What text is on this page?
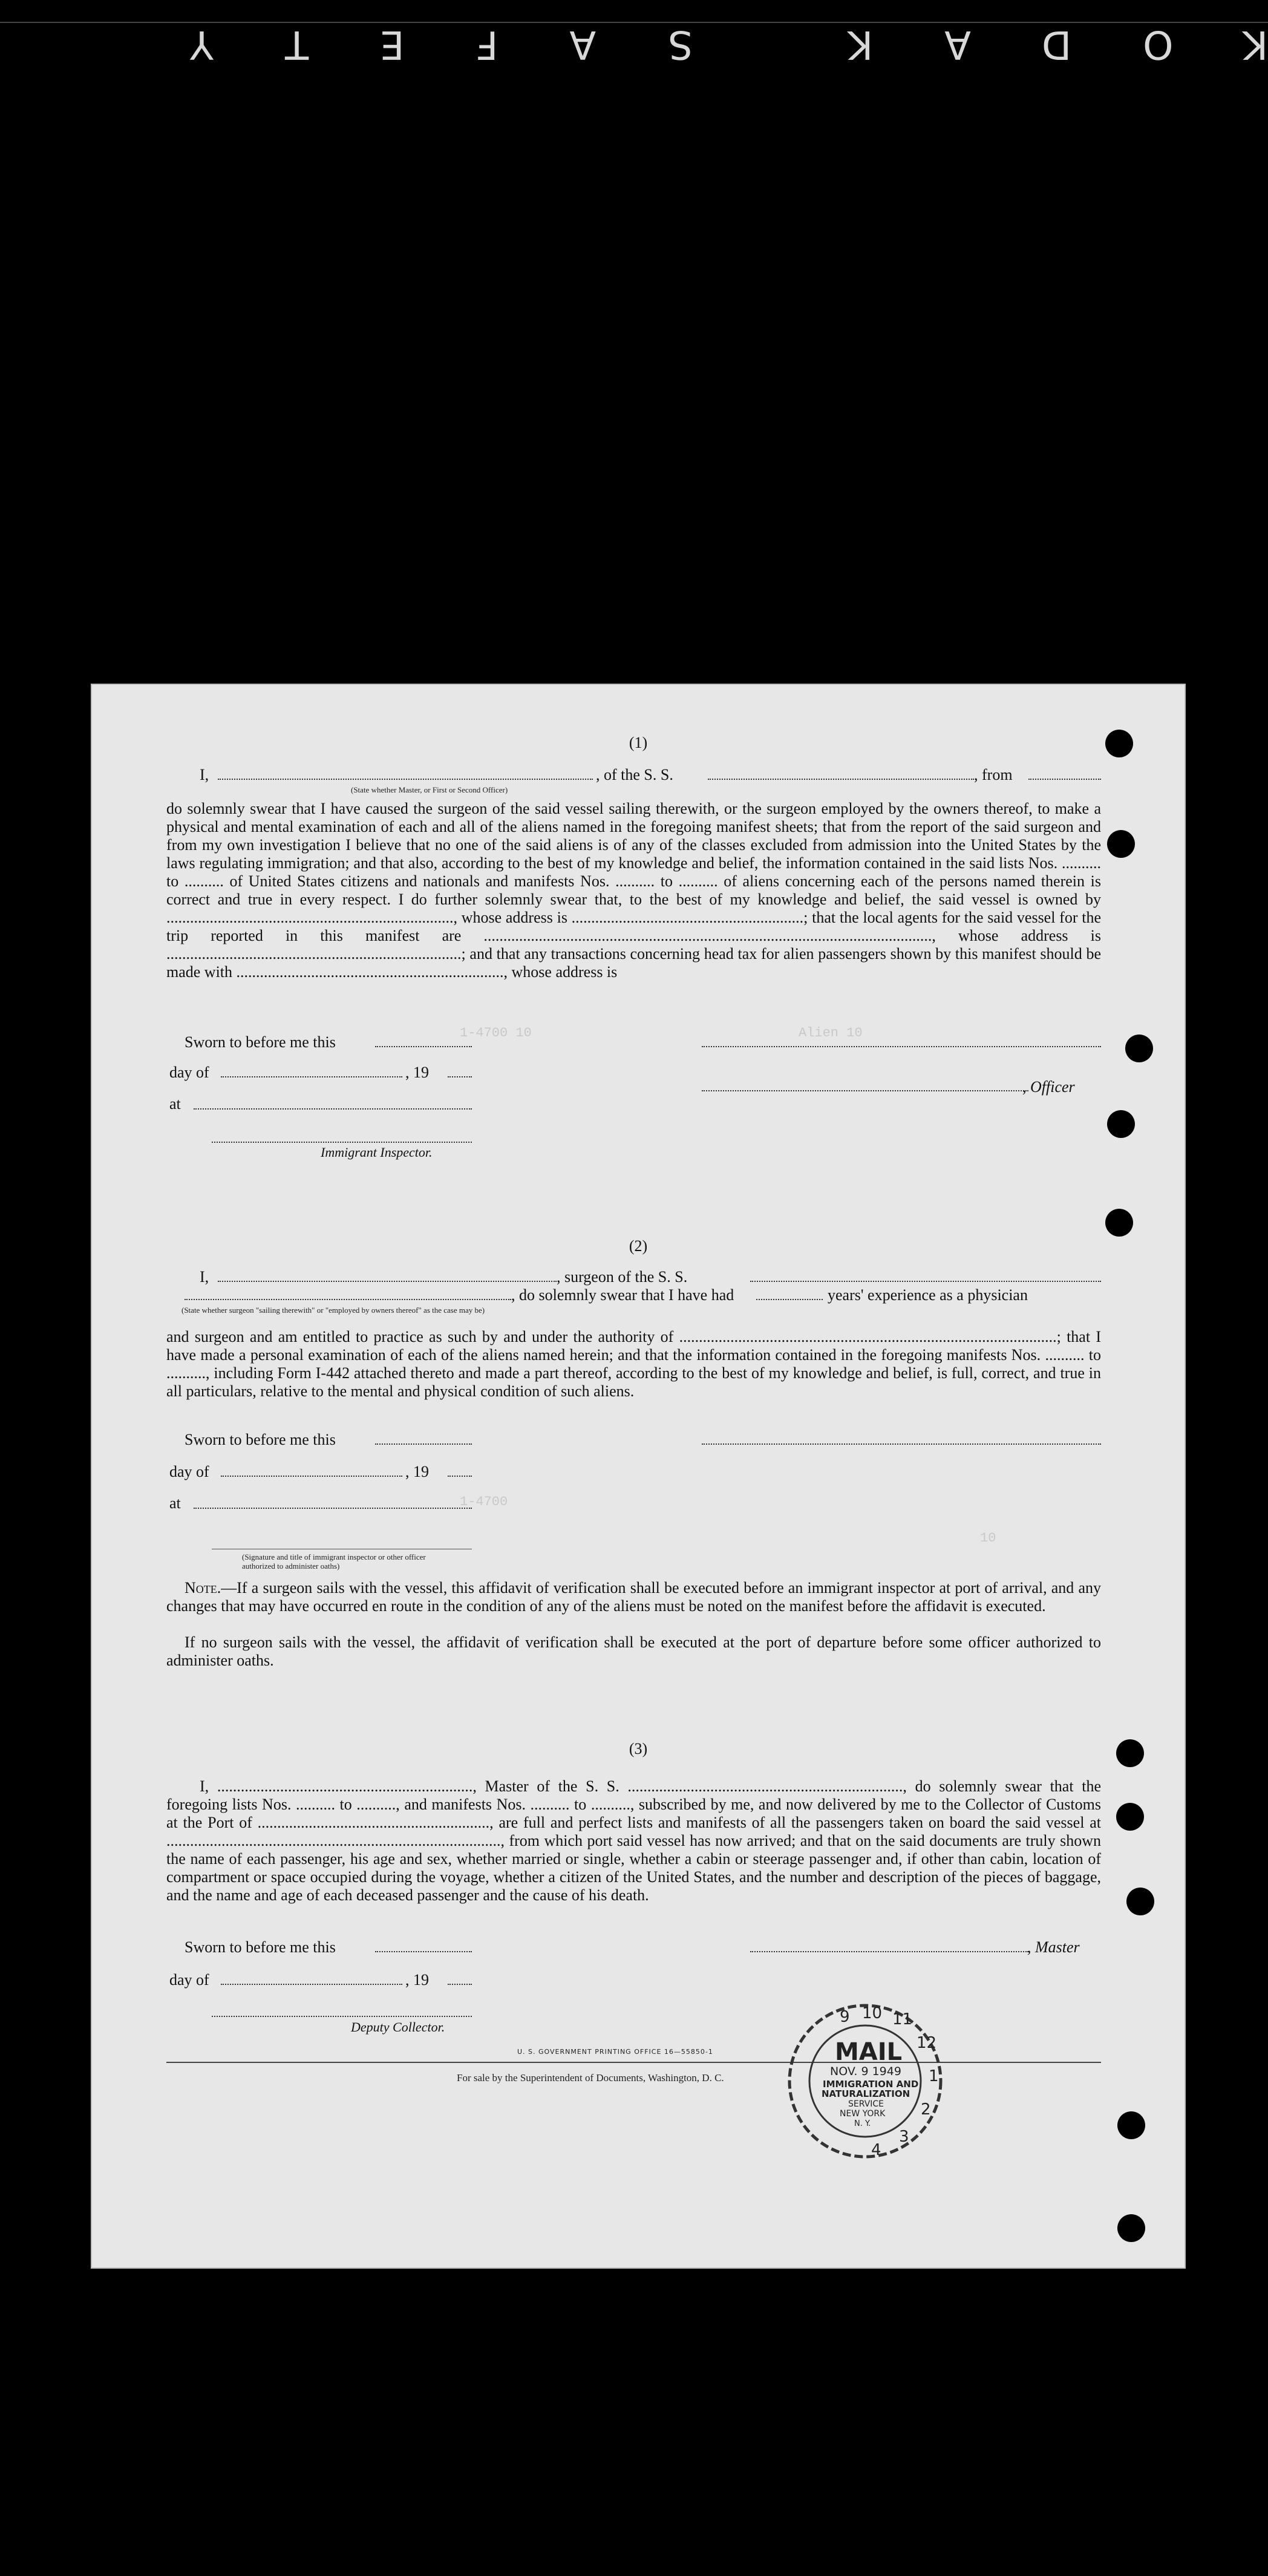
KODAK SAFETY
1-4700 10	Alien 10
1-4700
10
(1)
I,	, of the S. S.	, from
(State whether Master, or First or Second Officer)
do solemnly swear that I have caused the surgeon of the said vessel sailing therewith, or the surgeon employed by the owners thereof, to make a physical and mental examination of each and all of the aliens named in the foregoing manifest sheets; that from the report of the said surgeon and from my own investigation I believe that no one of the said aliens is of any of the classes excluded from admission into the United States by the laws regulating immigration; and that also, according to the best of my knowledge and belief, the information contained in the said lists Nos. .......... to .......... of United States citizens and nationals and manifests Nos. .......... to .......... of aliens concerning each of the persons named therein is correct and true in every respect. I do further solemnly swear that, to the best of my knowledge and belief, the said vessel is owned by ........................................................................., whose address is ...........................................................; that the local agents for the said vessel for the trip reported in this manifest are .................................................................................................................., whose address is ...........................................................................; and that any transactions concerning head tax for alien passengers shown by this manifest should be made with ...................................................................., whose address is
Sworn to before me this
day of	, 19
, Officer
at
Immigrant Inspector.
(2)
I,	, surgeon of the S. S.
, do solemnly swear that I have had	years' experience as a physician
(State whether surgeon "sailing therewith" or "employed by owners thereof" as the case may be)
and surgeon and am entitled to practice as such by and under the authority of ................................................................................................; that I have made a personal examination of each of the aliens named herein; and that the information contained in the foregoing manifests Nos. .......... to .........., including Form I-442 attached thereto and made a part thereof, according to the best of my knowledge and belief, is full, correct, and true in all particulars, relative to the mental and physical condition of such aliens.
Sworn to before me this
day of	, 19
at
(Signature and title of immigrant inspector or other officer authorized to administer oaths)
Note.—If a surgeon sails with the vessel, this affidavit of verification shall be executed before an immigrant inspector at port of arrival, and any changes that may have occurred en route in the condition of any of the aliens must be noted on the manifest before the affidavit is executed.
If no surgeon sails with the vessel, the affidavit of verification shall be executed at the port of departure before some officer authorized to administer oaths.
(3)
I, ................................................................., Master of the S. S. ......................................................................, do solemnly swear that the foregoing lists Nos. .......... to .........., and manifests Nos. .......... to .........., subscribed by me, and now delivered by me to the Collector of Customs at the Port of ..........................................................., are full and perfect lists and manifests of all the passengers taken on board the said vessel at ....................................................................................., from which port said vessel has now arrived; and that on the said documents are truly shown the name of each passenger, his age and sex, whether married or single, whether a cabin or steerage passenger and, if other than cabin, location of compartment or space occupied during the voyage, whether a citizen of the United States, and the number and description of the pieces of baggage, and the name and age of each deceased passenger and the cause of his death.
Sworn to before me this	, Master
day of	, 19
Deputy Collector.
U. S. GOVERNMENT PRINTING OFFICE 16—55850-1
For sale by the Superintendent of Documents, Washington, D. C.
9 10 11
12
1
2
3
4
MAIL
NOV. 9 1949
IMMIGRATION AND
NATURALIZATION
SERVICE
NEW YORK
N. Y.
